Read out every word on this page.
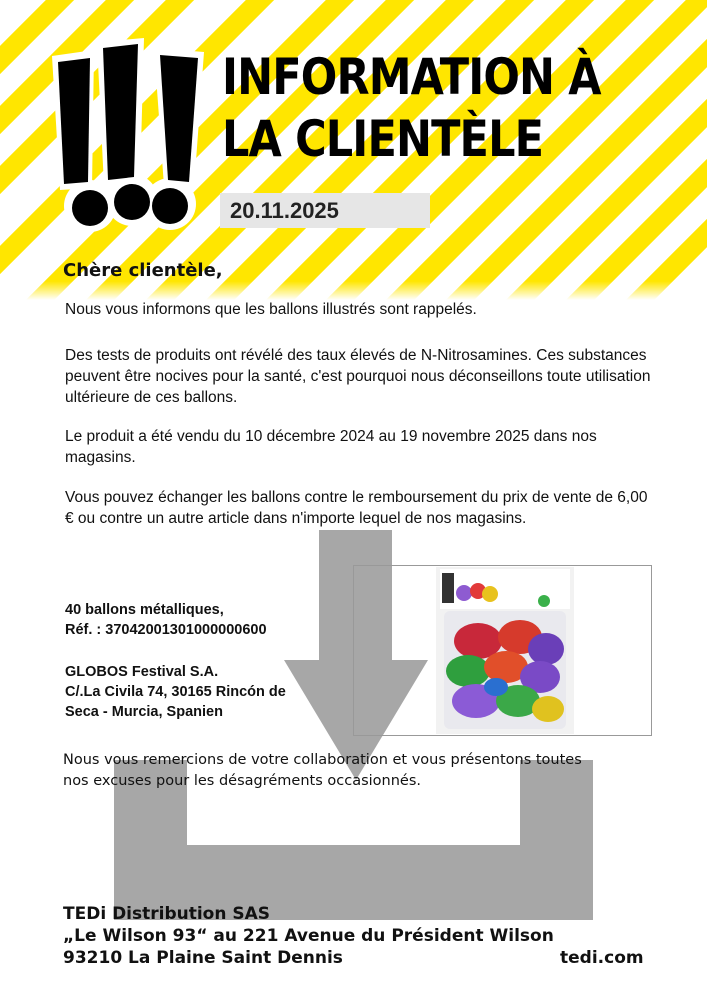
INFORMATION À
LA CLIENTÈLE
20.11.2025
Chère clientèle,
Nous vous informons que les ballons illustrés sont rappelés.
Des tests de produits ont révélé des taux élevés de N-Nitrosamines. Ces substances peuvent être nocives pour la santé, c'est pourquoi nous déconseillons toute utilisation ultérieure de ces ballons.
Le produit a été vendu du 10 décembre 2024 au 19 novembre 2025 dans nos magasins.
Vous pouvez échanger les ballons contre le remboursement du prix de vente de 6,00 € ou contre un autre article dans n'importe lequel de nos magasins.
40 ballons métalliques,
Réf. : 37042001301000000600
GLOBOS Festival S.A.
C/.La Civila 74, 30165 Rincón de
Seca - Murcia, Spanien
Nous vous remercions de votre collaboration et vous présentons toutes nos excuses pour les désagréments occasionnés.
TEDi Distribution SAS
„Le Wilson 93“ au 221 Avenue du Président Wilson
93210 La Plaine Saint Dennis	tedi.com
